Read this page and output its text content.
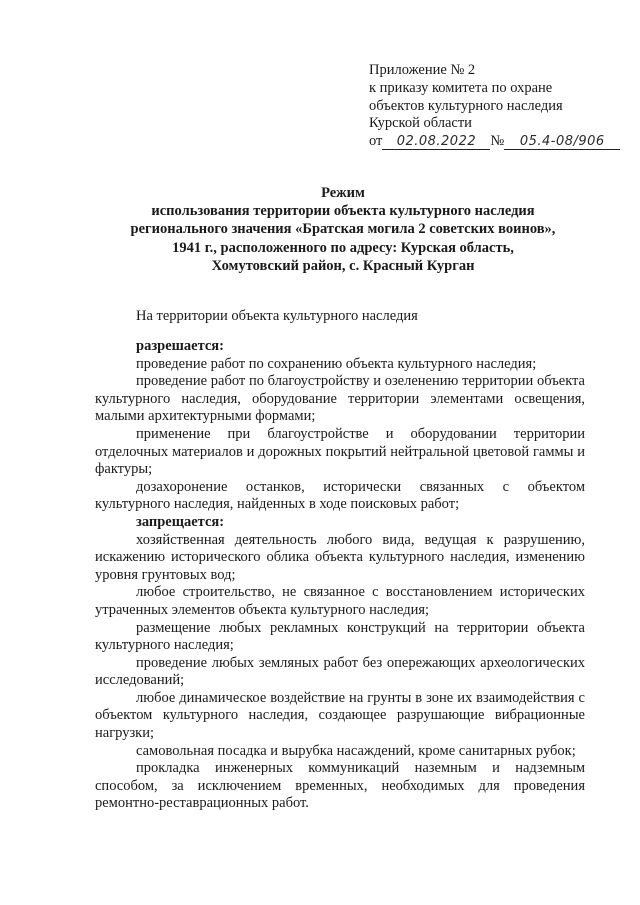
Приложение № 2
к приказу комитета по охране
объектов культурного наследия
Курской области
от 02.08.2022 № 05.4-08/906
Режим
использования территории объекта культурного наследия
регионального значения «Братская могила 2 советских воинов»,
1941 г., расположенного по адресу: Курская область,
Хомутовский район, с. Красный Курган
На территории объекта культурного наследия
разрешается:

проведение работ по сохранению объекта культурного наследия;

проведение работ по благоустройству и озеленению территории объекта культурного наследия, оборудование территории элементами освещения, малыми архитектурными формами;

применение при благоустройстве и оборудовании территории отделочных материалов и дорожных покрытий нейтральной цветовой гаммы и фактуры;

дозахоронение останков, исторически связанных с объектом культурного наследия, найденных в ходе поисковых работ;

запрещается:

хозяйственная деятельность любого вида, ведущая к разрушению, искажению исторического облика объекта культурного наследия, изменению уровня грунтовых вод;

любое строительство, не связанное с восстановлением исторических утраченных элементов объекта культурного наследия;

размещение любых рекламных конструкций на территории объекта культурного наследия;

проведение любых земляных работ без опережающих археологических исследований;

любое динамическое воздействие на грунты в зоне их взаимодействия с объектом культурного наследия, создающее разрушающие вибрационные нагрузки;

самовольная посадка и вырубка насаждений, кроме санитарных рубок;

прокладка инженерных коммуникаций наземным и надземным способом, за исключением временных, необходимых для проведения ремонтно-реставрационных работ.
